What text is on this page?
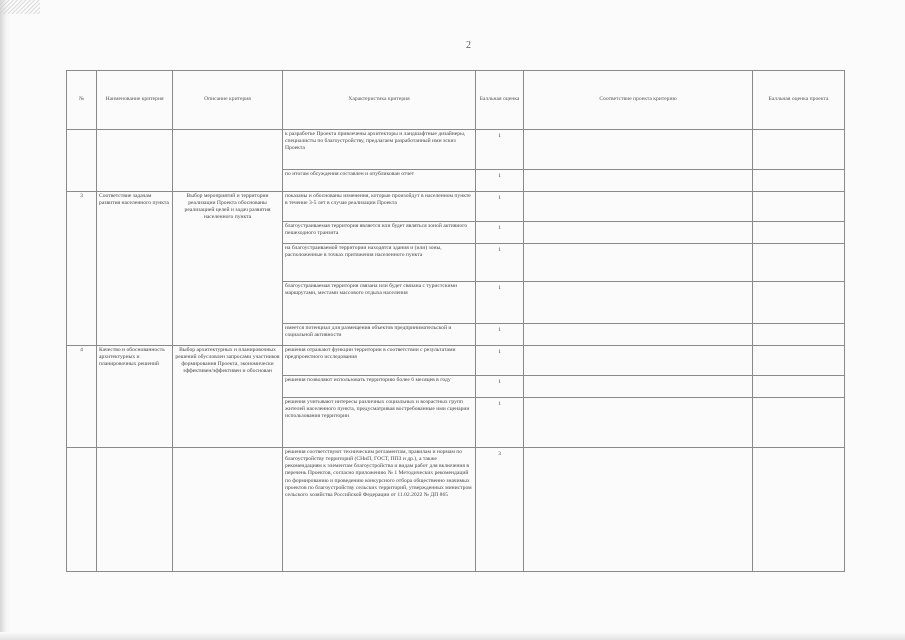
2
№	Наименование критерия	Описание критерия	Характеристика критерия	Балльная оценка	Соответствие проекта критерию	Балльная оценка проекта
			к разработке Проекта привлечены архитекторы и ландшафтные дизайнеры, специалисты по благоустройству, предлагаем разработанный ими эскиз Проекта	1		
			по итогам обсуждения составлен и опубликован отчет	1		
3	Соответствие задачам развития населенного пункта	Выбор мероприятий и территории реализации Проекта обоснованы реализацией целей и задач развития населенного пункта	показаны и обоснованы изменения, которые произойдут в населенном пункте в течение 3-5 лет в случае реализации Проекта	1		
			благоустраиваемая территория является или будет являться зоной активного пешеходного транзита	1		
			на благоустраиваемой территории находятся здания и (или) зоны, расположенные в точках притяжения населенного пункта	1		
			благоустраиваемая территория связана или будет связана с туристскими маршрутами, местами массового отдыха населения	1		
			имеется потенциал для размещения объектов предпринимательской и социальной активности	1		
4	Качество и обоснованность архитектурных и планировочных решений	Выбор архитектурных и планировочных решений обусловлен запросами участников формирования Проекта, экономически эффективен/эффективен и обоснован	решения отражают функции территории в соответствии с результатами предпроектного исследования	1		
			решения позволяют использовать территорию более 6 месяцев в году	1		
			решения учитывают интересы различных социальных и возрастных групп жителей населенного пункта, предусматривая востребованные ими сценарии использования территории	1		
			решения соответствуют техническим регламентам, правилам и нормам по благоустройству территорий (СНиП, ГОСТ, ППЗ и др.), а также рекомендациям к элементам благоустройства и видам работ для включения в перечень Проектов, согласно приложению № 1 Методических рекомендаций по формированию и проведению конкурсного отбора общественно значимых проектов по благоустройству сельских территорий, утвержденных министром сельского хозяйства Российской Федерации от 11.02.2022 № ДП 865	3		
